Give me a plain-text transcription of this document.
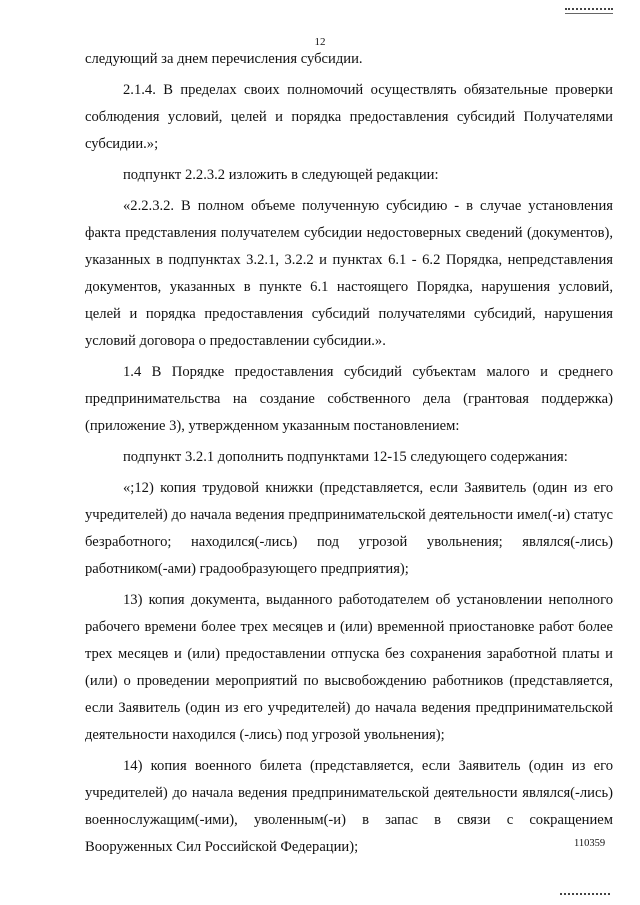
12

следующий за днем перечисления субсидии.

2.1.4. В пределах своих полномочий осуществлять обязательные проверки соблюдения условий, целей и порядка предоставления субсидий Получателями субсидии.»;

подпункт 2.2.3.2 изложить в следующей редакции:

«2.2.3.2. В полном объеме полученную субсидию - в случае установления факта представления получателем субсидии недостоверных сведений (документов), указанных в подпунктах 3.2.1, 3.2.2 и пунктах 6.1 - 6.2 Порядка, непредставления документов, указанных в пункте 6.1 настоящего Порядка, нарушения условий, целей и порядка предоставления субсидий получателями субсидий, нарушения условий договора о предоставлении субсидии.».

1.4 В Порядке предоставления субсидий субъектам малого и среднего предпринимательства на создание собственного дела (грантовая поддержка) (приложение 3), утвержденном указанным постановлением:

подпункт 3.2.1 дополнить подпунктами 12-15 следующего содержания:

«;12) копия трудовой книжки (представляется, если Заявитель (один из его учредителей) до начала ведения предпринимательской деятельности имел(-и) статус безработного; находился(-лись) под угрозой увольнения; являлся(-лись) работником(-ами) градообразующего предприятия);

13) копия документа, выданного работодателем об установлении неполного рабочего времени более трех месяцев и (или) временной приостановке работ более трех месяцев и (или) предоставлении отпуска без сохранения заработной платы и (или) о проведении мероприятий по высвобождению работников (представляется, если Заявитель (один из его учредителей) до начала ведения предпринимательской деятельности находился (-лись) под угрозой увольнения);

14) копия военного билета (представляется, если Заявитель (один из его учредителей) до начала ведения предпринимательской деятельности являлся(-лись) военнослужащим(-ими), уволенным(-и) в запас в связи с сокращением Вооруженных Сил Российской Федерации);	110359
